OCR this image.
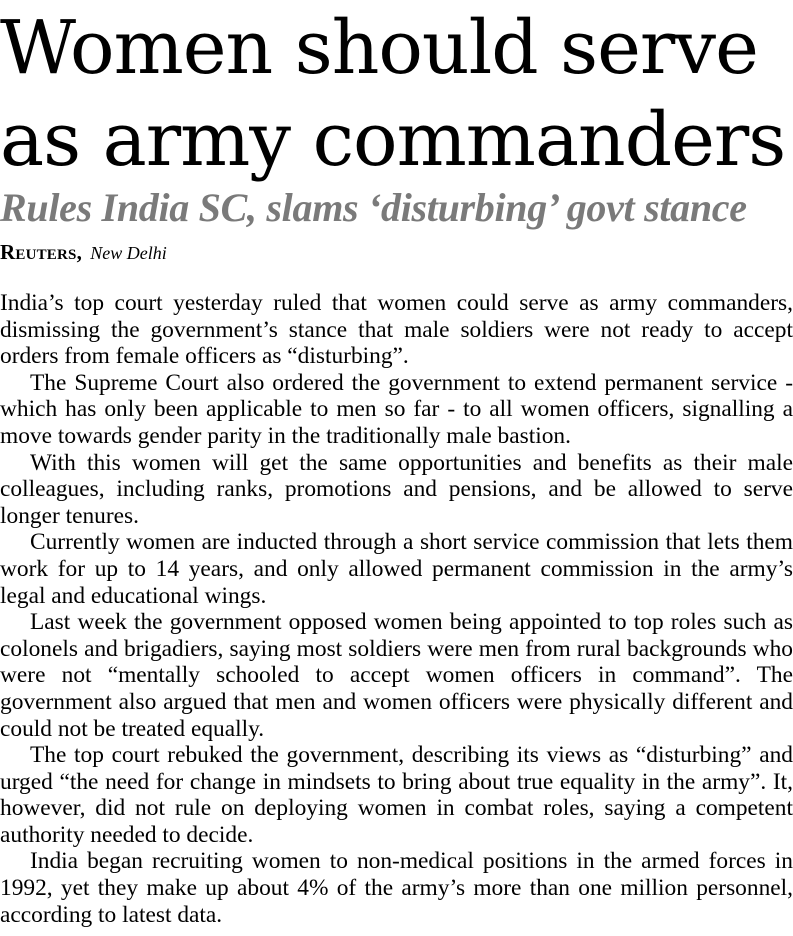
Women should serve
as army commanders
Rules India SC, slams ‘disturbing’ govt stance
Reuters, New Delhi

India’s top court yesterday ruled that women could serve as army commanders, dismissing the government’s stance that male soldiers were not ready to accept orders from female officers as “disturbing”.

The Supreme Court also ordered the government to extend permanent service - which has only been applicable to men so far - to all women officers, signalling a move towards gender parity in the traditionally male bastion.

With this women will get the same opportunities and benefits as their male colleagues, including ranks, promotions and pensions, and be allowed to serve longer tenures.

Currently women are inducted through a short service commission that lets them work for up to 14 years, and only allowed permanent commission in the army’s legal and educational wings.

Last week the government opposed women being appointed to top roles such as colonels and brigadiers, saying most soldiers were men from rural backgrounds who were not “mentally schooled to accept women officers in command”. The government also argued that men and women officers were physically different and could not be treated equally.

The top court rebuked the government, describing its views as “disturbing” and urged “the need for change in mindsets to bring about true equality in the army”. It, however, did not rule on deploying women in combat roles, saying a competent authority needed to decide.

India began recruiting women to non-medical positions in the armed forces in 1992, yet they make up about 4% of the army’s more than one million personnel, according to latest data.
